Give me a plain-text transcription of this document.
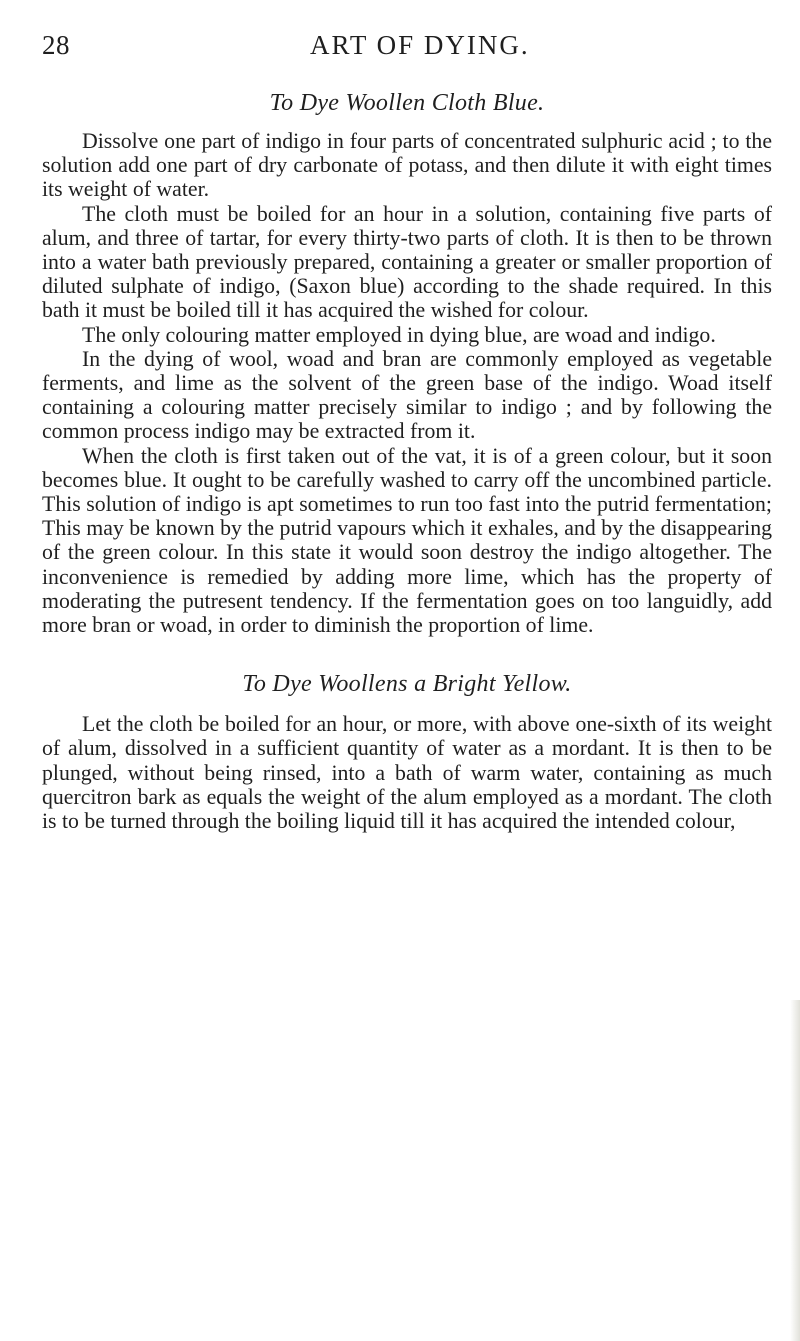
28	ART OF DYING.
To Dye Woollen Cloth Blue.

Dissolve one part of indigo in four parts of concentrated sulphuric acid ; to the solution add one part of dry carbonate of potass, and then dilute it with eight times its weight of water.

The cloth must be boiled for an hour in a solution, containing five parts of alum, and three of tartar, for every thirty-two parts of cloth. It is then to be thrown into a water bath previously prepared, containing a greater or smaller proportion of diluted sulphate of indigo, (Saxon blue) according to the shade required. In this bath it must be boiled till it has acquired the wished for colour.

The only colouring matter employed in dying blue, are woad and indigo.

In the dying of wool, woad and bran are commonly employed as vegetable ferments, and lime as the solvent of the green base of the indigo. Woad itself containing a colouring matter precisely similar to indigo ; and by following the common process indigo may be extracted from it.

When the cloth is first taken out of the vat, it is of a green colour, but it soon becomes blue. It ought to be carefully washed to carry off the uncombined particle. This solution of indigo is apt sometimes to run too fast into the putrid fermentation; This may be known by the putrid vapours which it exhales, and by the disappearing of the green colour. In this state it would soon destroy the indigo altogether. The inconvenience is remedied by adding more lime, which has the property of moderating the putresent tendency. If the fermentation goes on too languidly, add more bran or woad, in order to diminish the proportion of lime.

To Dye Woollens a Bright Yellow.

Let the cloth be boiled for an hour, or more, with above one-sixth of its weight of alum, dissolved in a sufficient quantity of water as a mordant. It is then to be plunged, without being rinsed, into a bath of warm water, containing as much quercitron bark as equals the weight of the alum employed as a mordant. The cloth is to be turned through the boiling liquid till it has acquired the intended colour,
